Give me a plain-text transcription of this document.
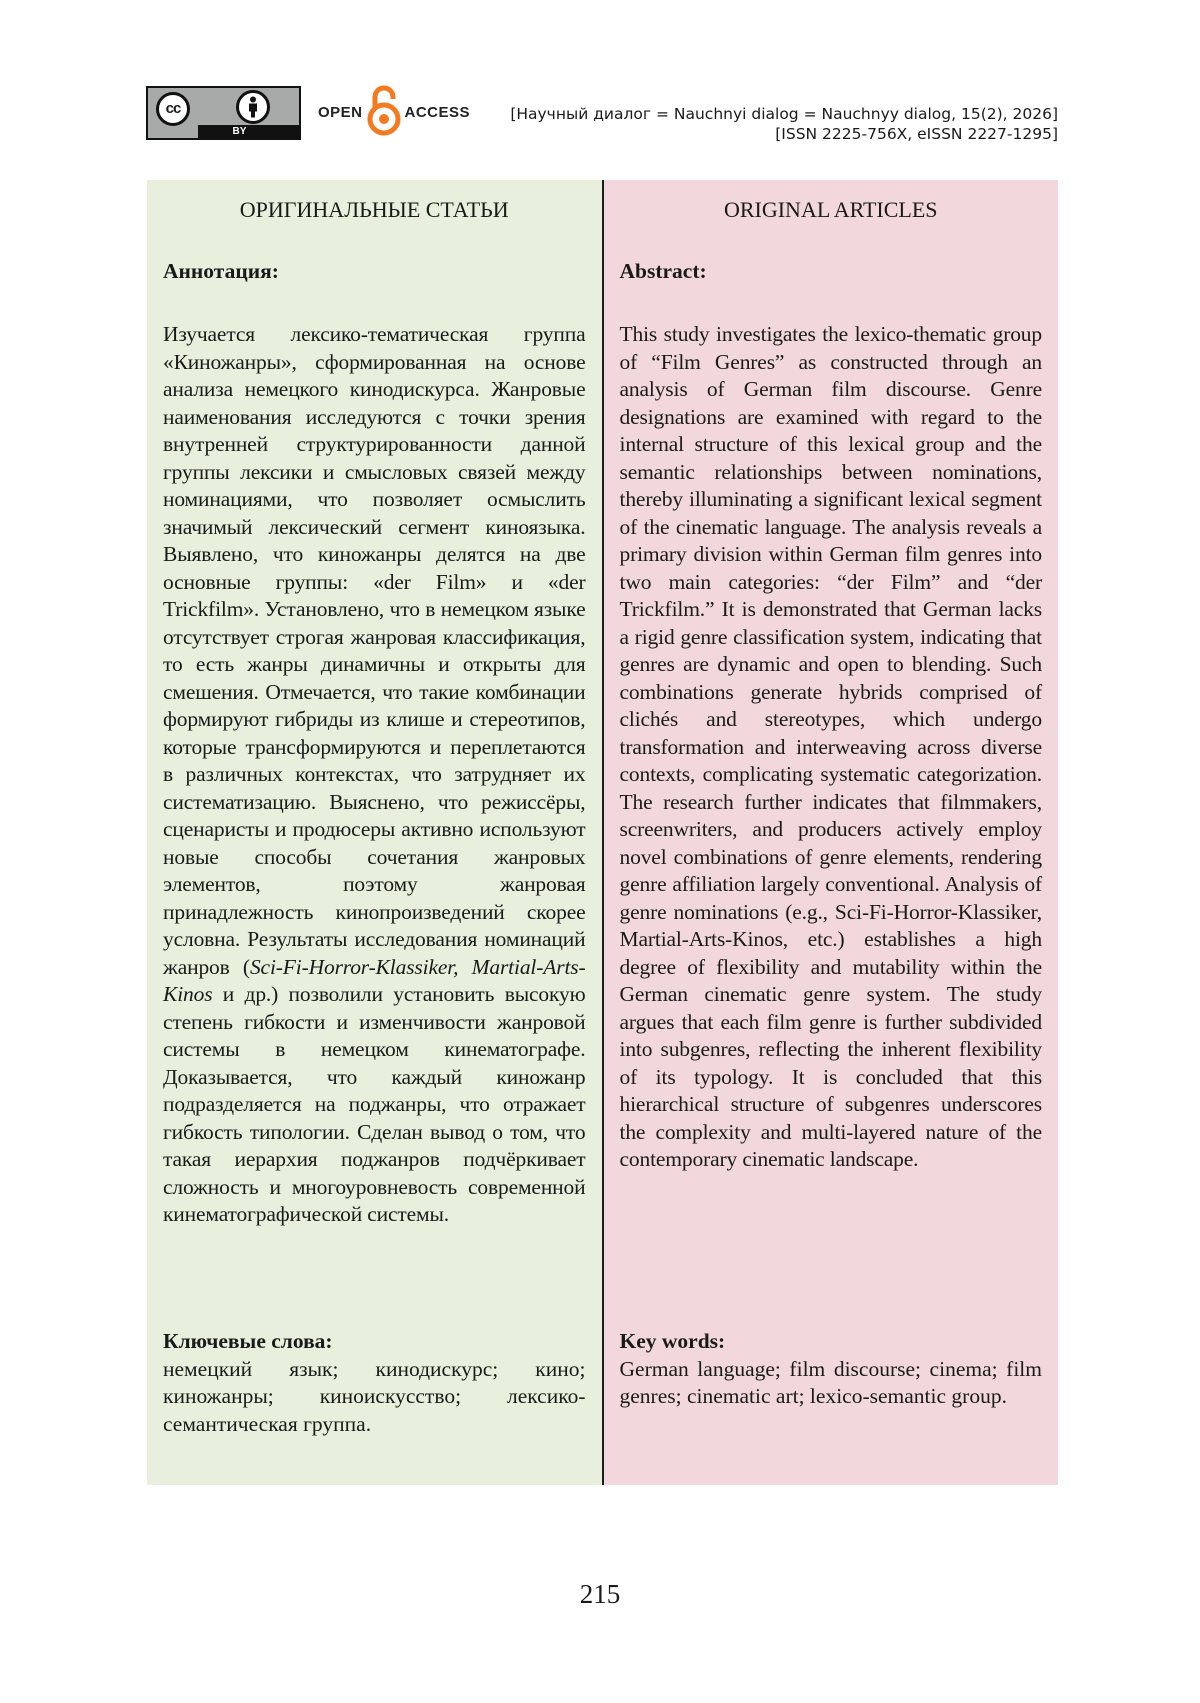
cc
BY
OPEN	ACCESS	[Научный диалог = Nauchnyi dialog = Nauchnyy dialog, 15(2), 2026]
[ISSN 2225-756X, eISSN 2227-1295]
ОРИГИНАЛЬНЫЕ СТАТЬИ
Аннотация:

Изучается лексико-тематическая группа «Киножанры», сформированная на основе анализа немецкого кинодискурса. Жанровые наименования исследуются с точки зрения внутренней структурированности данной группы лексики и смысловых связей между номинациями, что позволяет осмыслить значимый лексический сегмент киноязыка. Выявлено, что киножанры делятся на две основные группы: «der Film» и «der Trickfilm». Установлено, что в немецком языке отсутствует строгая жанровая классификация, то есть жанры динамичны и открыты для смешения. Отмечается, что такие комбинации формируют гибриды из клише и стереотипов, которые трансформируются и переплетаются в различных контекстах, что затрудняет их систематизацию. Выяснено, что режиссёры, сценаристы и продюсеры активно используют новые способы сочетания жанровых элементов, поэтому жанровая принадлежность кинопроизведений скорее условна. Результаты исследования номинаций жанров (Sci-Fi-Horror-Klassiker, Martial-Arts-Kinos и др.) позволили установить высокую степень гибкости и изменчивости жанровой системы в немецком кинематографе. Доказывается, что каждый киножанр подразделяется на поджанры, что отражает гибкость типологии. Сделан вывод о том, что такая иерархия поджанров подчёркивает сложность и многоуровневость современной кинематографической системы.

Ключевые слова:

немецкий язык; кинодискурс; кино; киножанры; киноискусство; лексико-семантическая группа.

ORIGINAL ARTICLES
Abstract:

This study investigates the lexico-thematic group of “Film Genres” as constructed through an analysis of German film discourse. Genre designations are examined with regard to the internal structure of this lexical group and the semantic relationships between nominations, thereby illuminating a significant lexical segment of the cinematic language. The analysis reveals a primary division within German film genres into two main categories: “der Film” and “der Trickfilm.” It is demonstrated that German lacks a rigid genre classification system, indicating that genres are dynamic and open to blending. Such combinations generate hybrids comprised of clichés and stereotypes, which undergo transformation and interweaving across diverse contexts, complicating systematic categorization. The research further indicates that filmmakers, screenwriters, and producers actively employ novel combinations of genre elements, rendering genre affiliation largely conventional. Analysis of genre nominations (e.g., Sci-Fi-Horror-Klassiker, Martial-Arts-Kinos, etc.) establishes a high degree of flexibility and mutability within the German cinematic genre system. The study argues that each film genre is further subdivided into subgenres, reflecting the inherent flexibility of its typology. It is concluded that this hierarchical structure of subgenres underscores the complexity and multi-layered nature of the contemporary cinematic landscape.

Key words:

German language; film discourse; cinema; film genres; cinematic art; lexico-semantic group.

215
